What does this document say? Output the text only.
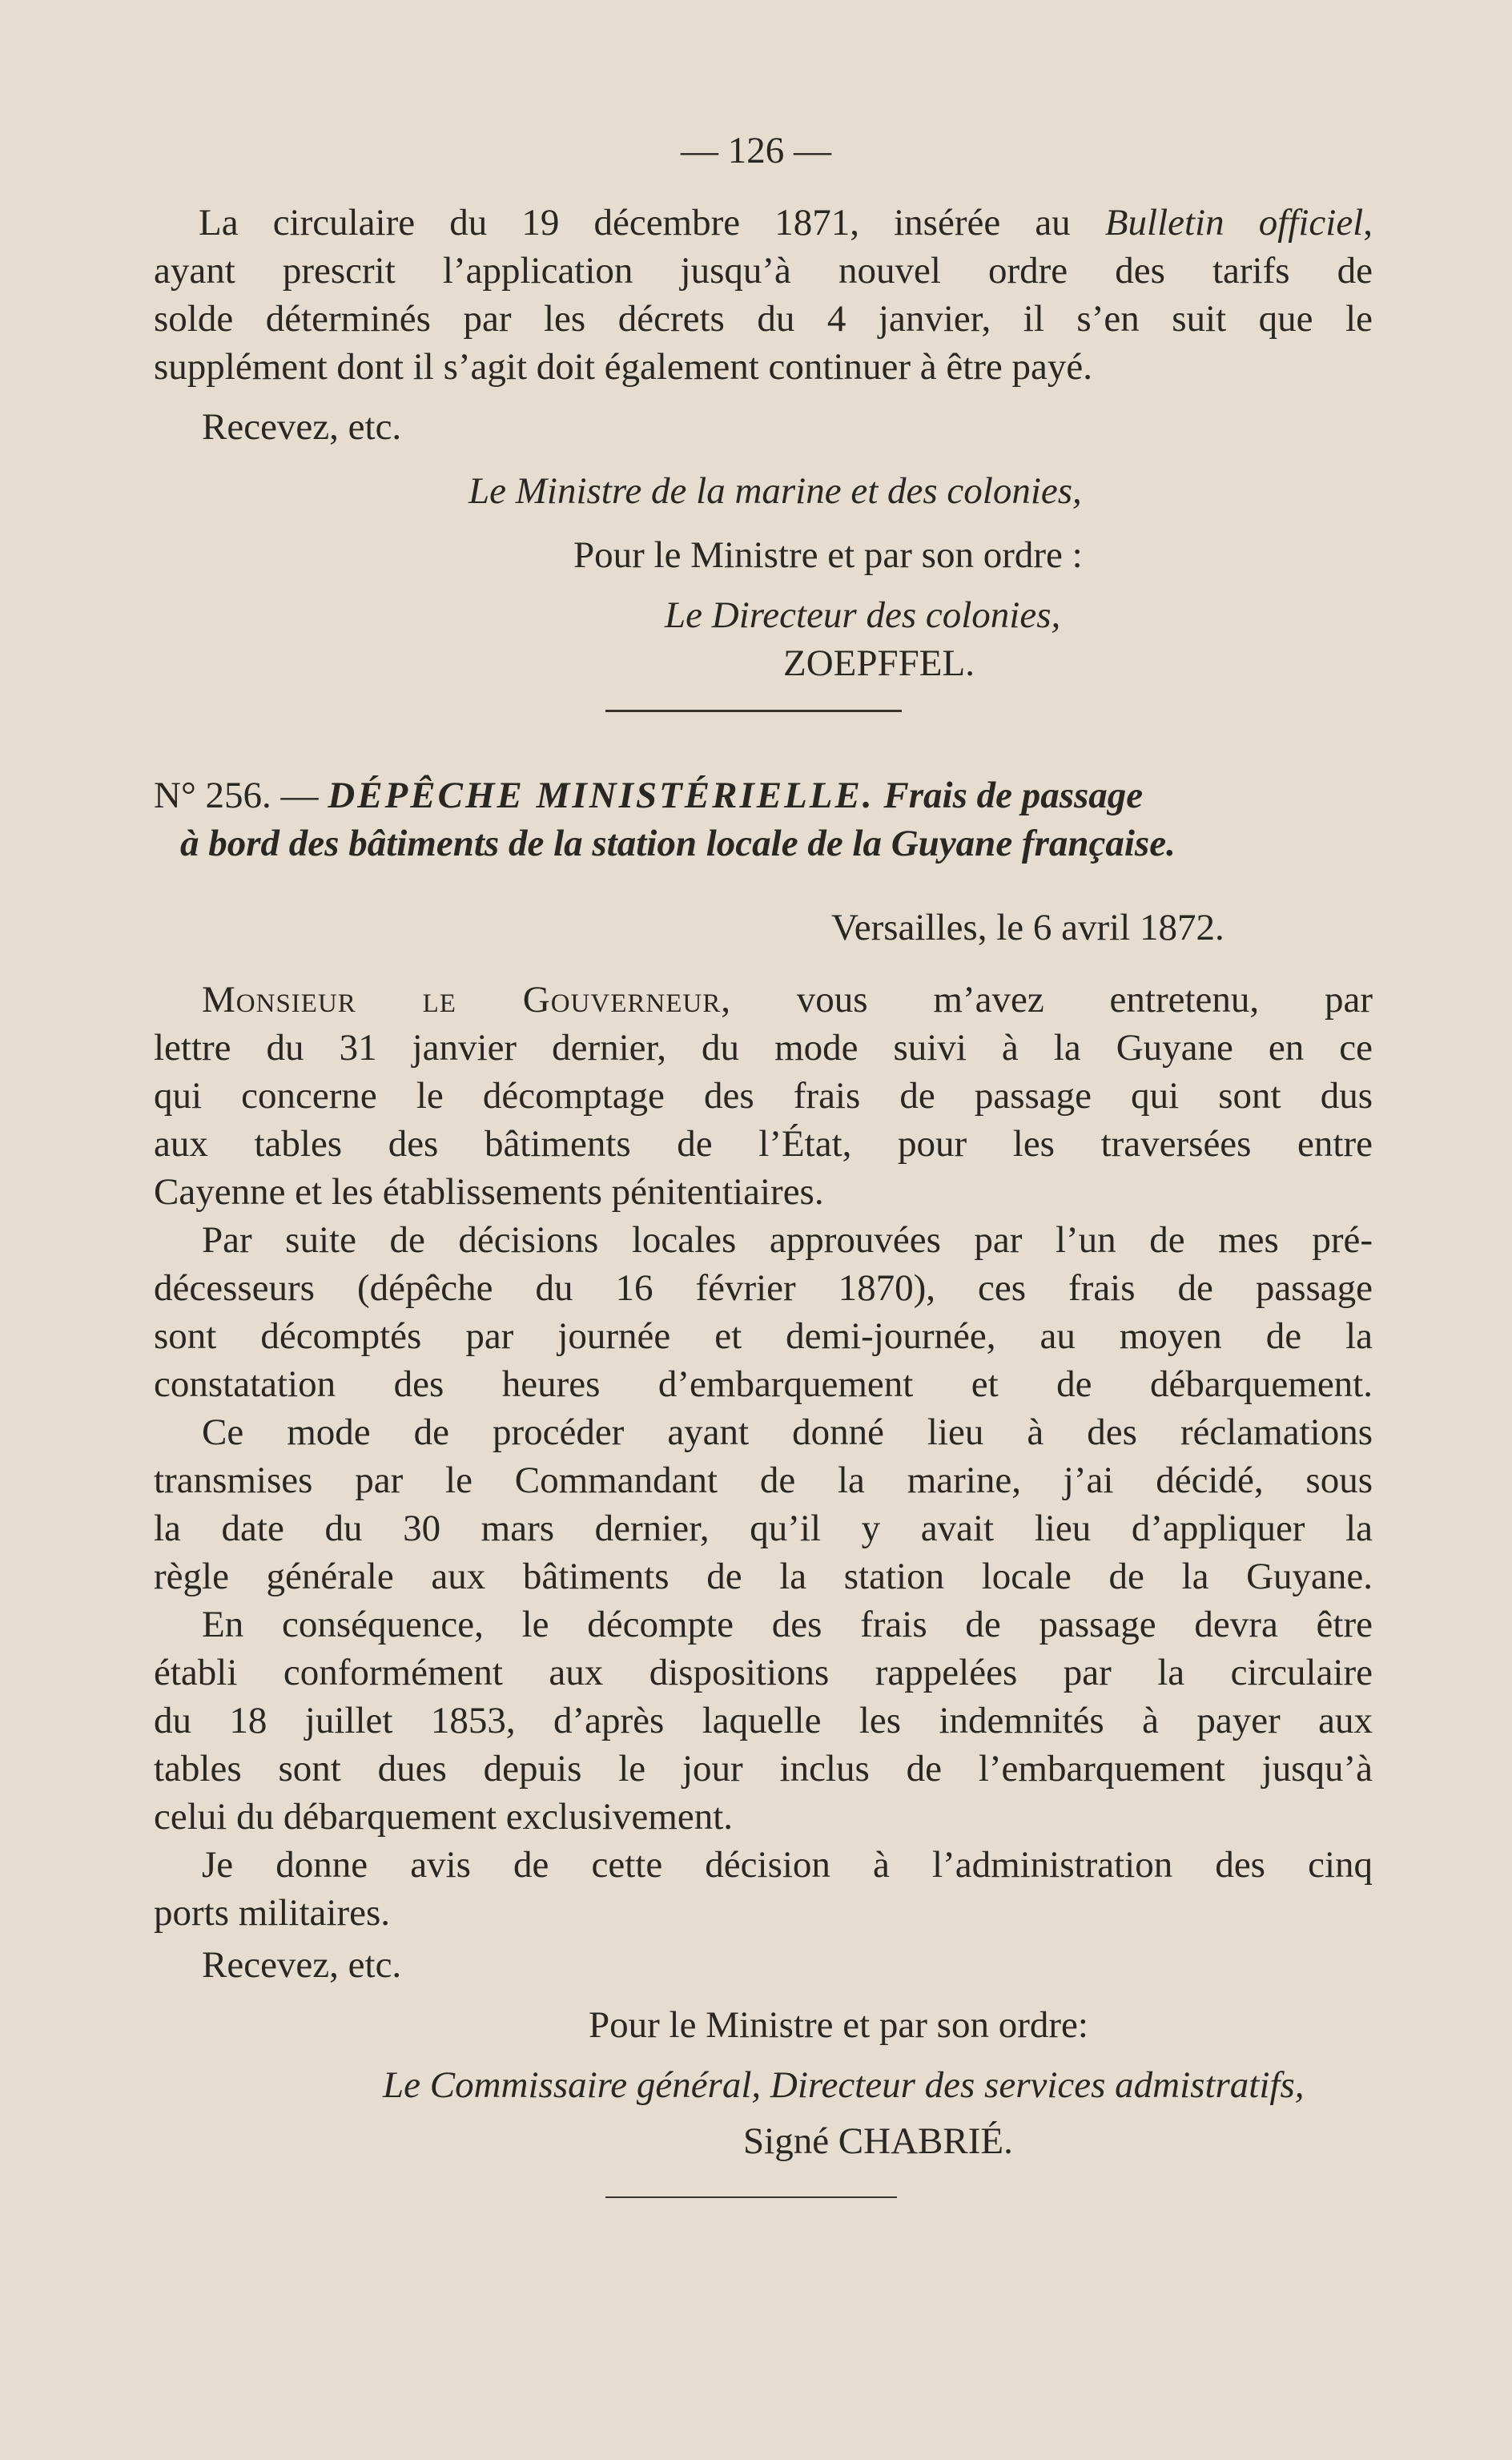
— 126 —
La circulaire du 19 décembre 1871, insérée au Bulletin officiel,
ayant prescrit l’application jusqu’à nouvel ordre des tarifs de
solde déterminés par les décrets du 4 janvier, il s’en suit que le
supplément dont il s’agit doit également continuer à être payé.
Recevez, etc.
Le Ministre de la marine et des colonies,
Pour le Ministre et par son ordre :
Le Directeur des colonies,
ZOEPFFEL.
N° 256. — DÉPÊCHE MINISTÉRIELLE. Frais de passage
à bord des bâtiments de la station locale de la Guyane française.
Versailles, le 6 avril 1872.
Monsieur le Gouverneur, vous m’avez entretenu, par
lettre du 31 janvier dernier, du mode suivi à la Guyane en ce
qui concerne le décomptage des frais de passage qui sont dus
aux tables des bâtiments de l’État, pour les traversées entre
Cayenne et les établissements pénitentiaires.
Par suite de décisions locales approuvées par l’un de mes pré-
décesseurs (dépêche du 16 février 1870), ces frais de passage
sont décomptés par journée et demi-journée, au moyen de la
constatation des heures d’embarquement et de débarquement.
Ce mode de procéder ayant donné lieu à des réclamations
transmises par le Commandant de la marine, j’ai décidé, sous
la date du 30 mars dernier, qu’il y avait lieu d’appliquer la
règle générale aux bâtiments de la station locale de la Guyane.
En conséquence, le décompte des frais de passage devra être
établi conformément aux dispositions rappelées par la circulaire
du 18 juillet 1853, d’après laquelle les indemnités à payer aux
tables sont dues depuis le jour inclus de l’embarquement jusqu’à
celui du débarquement exclusivement.
Je donne avis de cette décision à l’administration des cinq
ports militaires.
Recevez, etc.
Pour le Ministre et par son ordre:
Le Commissaire général, Directeur des services admistratifs,
Signé CHABRIÉ.
